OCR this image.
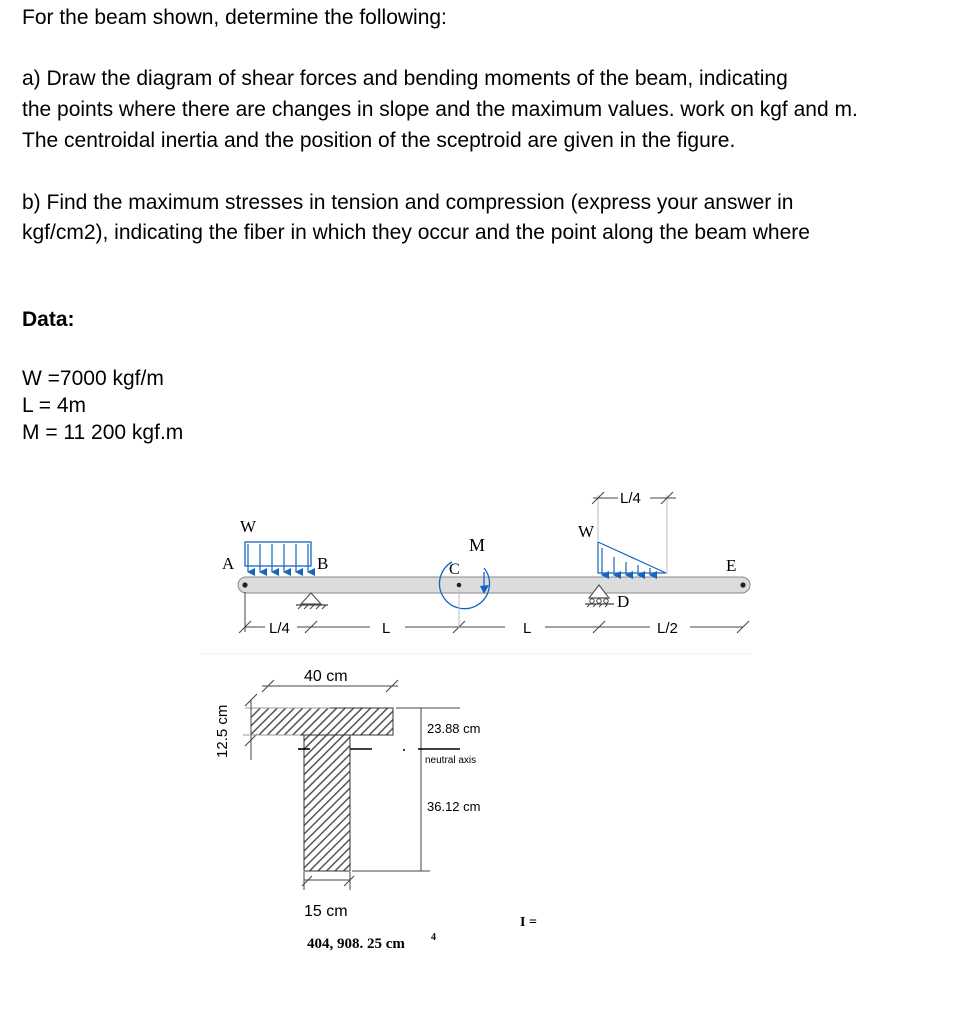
For the beam shown, determine the following:

a) Draw the diagram of shear forces and bending moments of the beam, indicating

the points where there are changes in slope and the maximum values. work on kgf and m.

The centroidal inertia and the position of the sceptroid are given in the figure.

b) Find the maximum stresses in tension and compression (express your answer in

kgf/cm2), indicating the fiber in which they occur and the point along the beam where

Data:

W =7000 kgf/m

L = 4m

M = 11 200 kgf.m

A	B	C
D
E
W	W
M
L/4	L	L	L/2
L/4
40 cm
12.5 cm	23.88 cm
neutral axis
36.12 cm
15 cm
I =
404, 908. 25 cm	4
